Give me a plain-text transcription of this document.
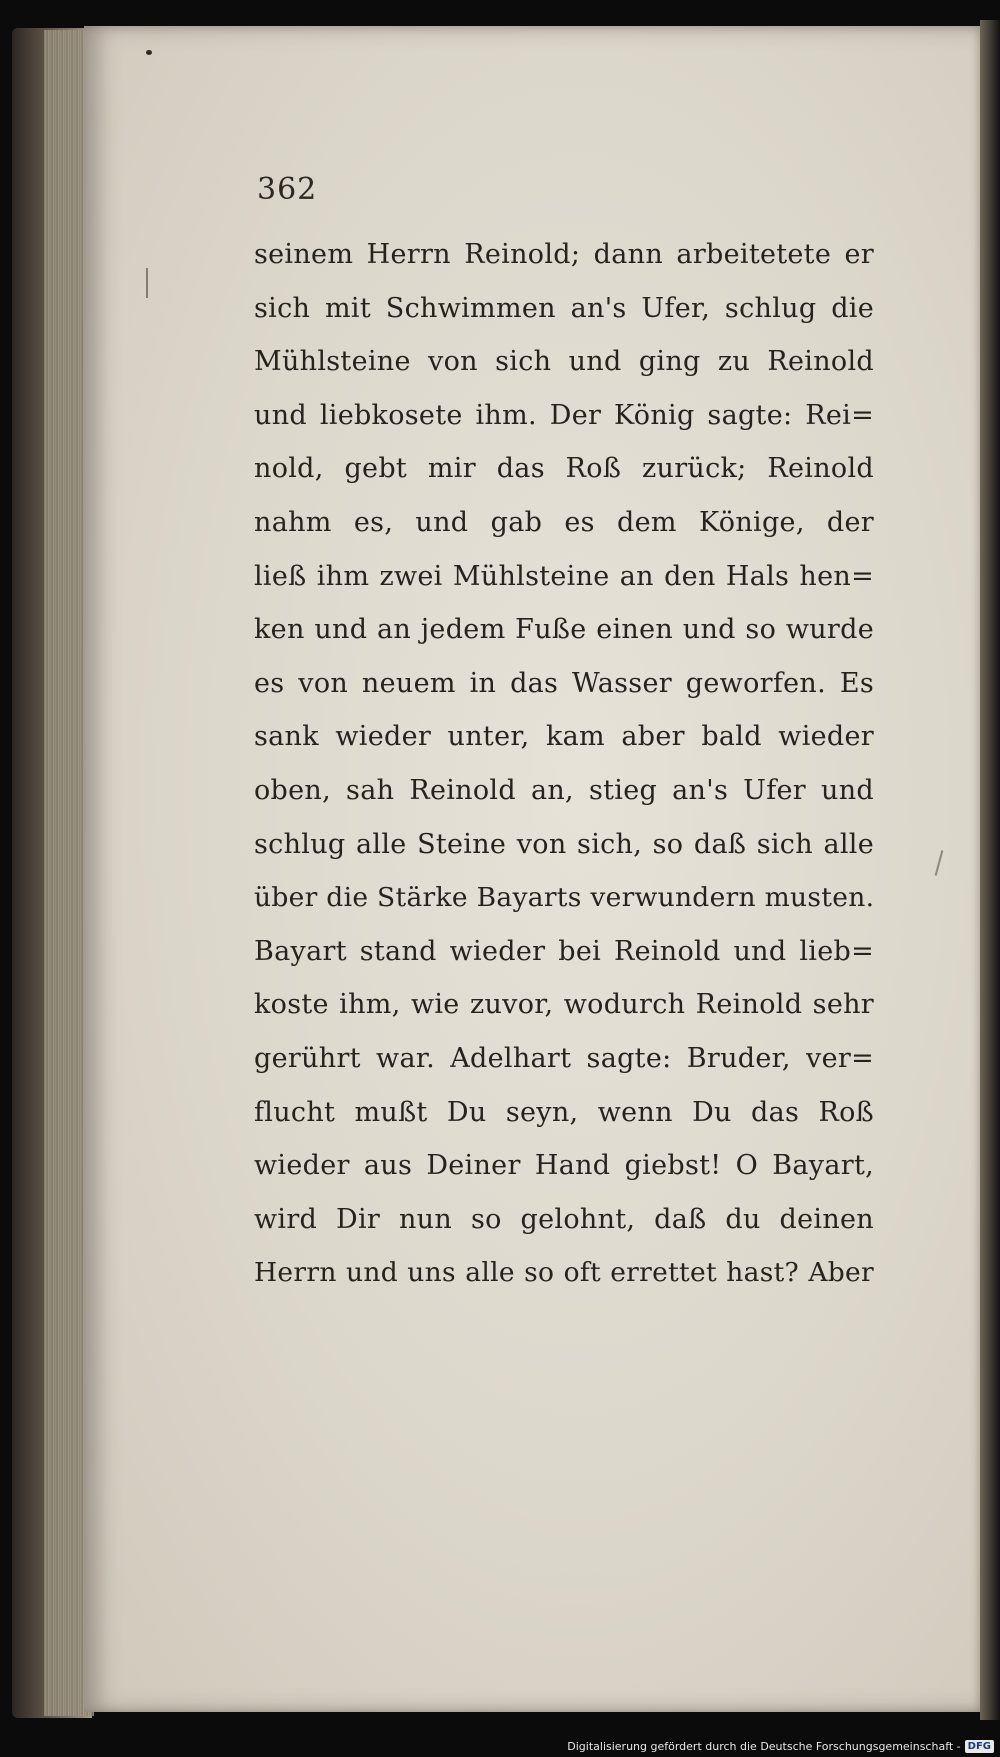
362
seinem Herrn Reinold; dann arbeitetete er
sich mit Schwimmen an's Ufer, schlug die
Mühlsteine von sich und ging zu Reinold
und liebkosete ihm. Der König sagte: Rei=
nold, gebt mir das Roß zurück; Reinold
nahm es, und gab es dem Könige, der
ließ ihm zwei Mühlsteine an den Hals hen=
ken und an jedem Fuße einen und so wurde
es von neuem in das Wasser geworfen. Es
sank wieder unter, kam aber bald wieder
oben, sah Reinold an, stieg an's Ufer und
schlug alle Steine von sich, so daß sich alle
über die Stärke Bayarts verwundern musten.
Bayart stand wieder bei Reinold und lieb=
koste ihm, wie zuvor, wodurch Reinold sehr
gerührt war. Adelhart sagte: Bruder, ver=
flucht mußt Du seyn, wenn Du das Roß
wieder aus Deiner Hand giebst! O Bayart,
wird Dir nun so gelohnt, daß du deinen
Herrn und uns alle so oft errettet hast? Aber
Digitalisierung gefördert durch die Deutsche Forschungsgemeinschaft - DFG
